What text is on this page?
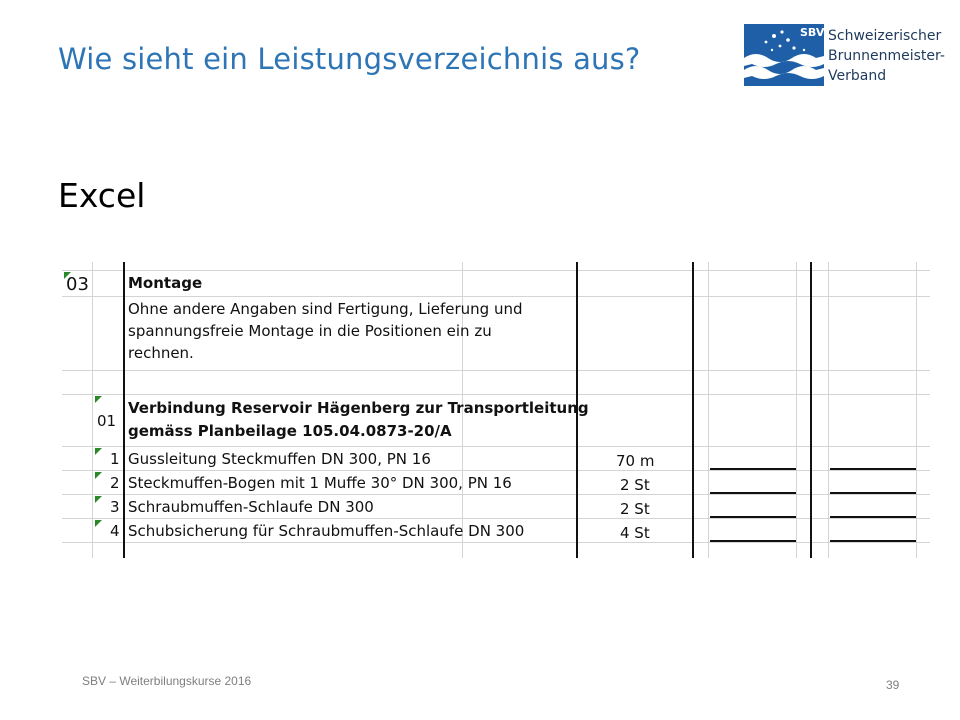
Wie sieht ein Leistungsverzeichnis aus?
SBV Schweizerischer
Brunnenmeister-
Verband
Excel
03	Montage
Ohne andere Angaben sind Fertigung, Lieferung und
spannungsfreie Montage in die Positionen ein zu
rechnen.
01
Verbindung Reservoir Hägenberg zur Transportleitung
gemäss Planbeilage 105.04.0873-20/A
1 Gussleitung Steckmuffen DN 300, PN 16	70 m
2 Steckmuffen-Bogen mit 1 Muffe 30° DN 300, PN 16	2 St
3 Schraubmuffen-Schlaufe DN 300	2 St
4 Schubsicherung für Schraubmuffen-Schlaufe DN 300	4 St
SBV – Weiterbilungskurse 2016	39
